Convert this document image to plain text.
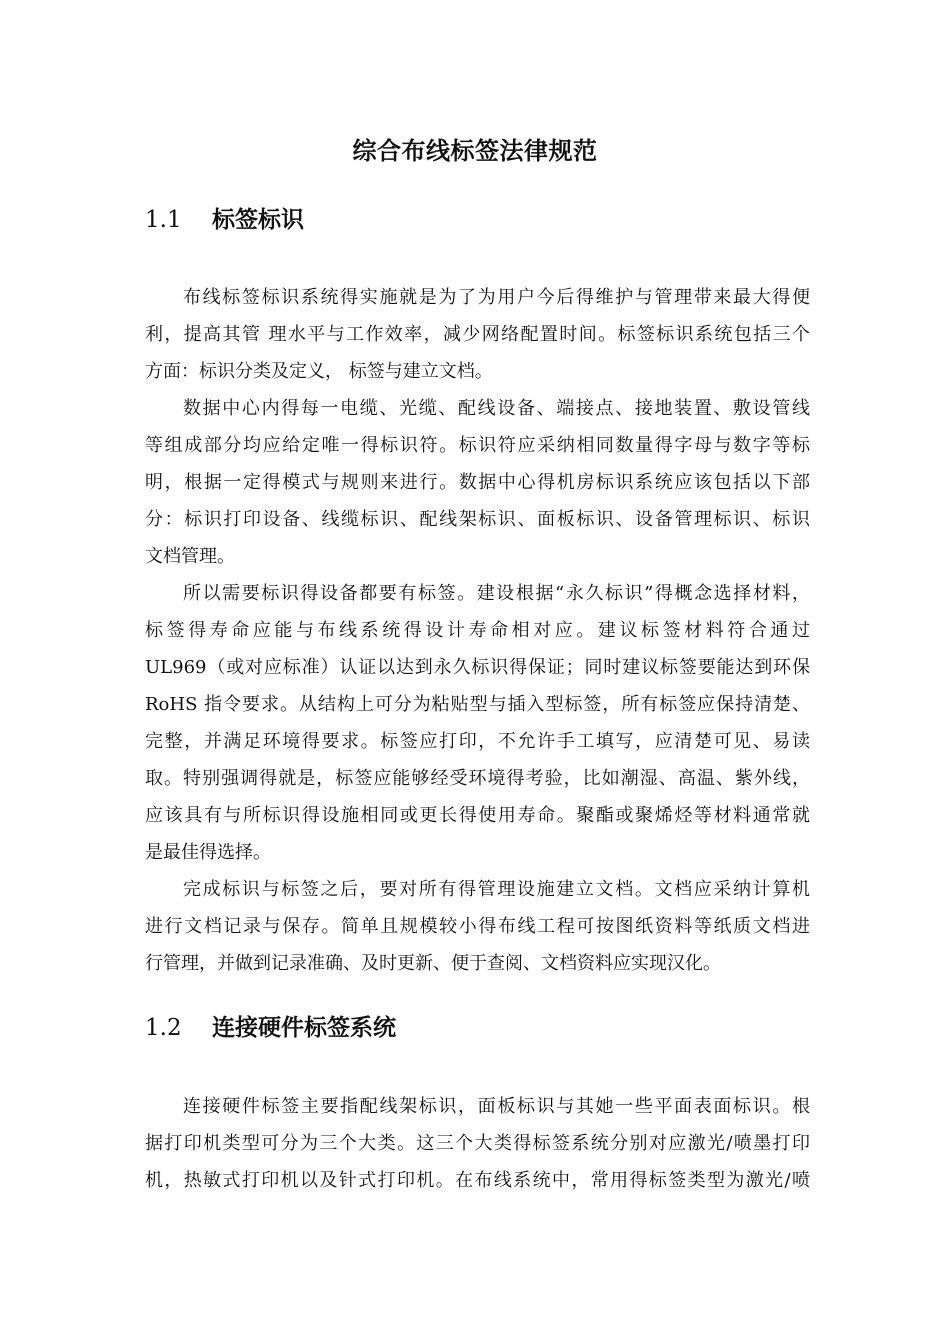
综合布线标签法律规范
1.1 标签标识
布线标签标识系统得实施就是为了为用户今后得维护与管理带来最大得便
利，提高其管 理水平与工作效率，减少网络配置时间。标签标识系统包括三个
方面：标识分类及定义， 标签与建立文档。
数据中心内得每一电缆、光缆、配线设备、端接点、接地装置、敷设管线
等组成部分均应给定唯一得标识符。标识符应采纳相同数量得字母与数字等标
明，根据一定得模式与规则来进行。数据中心得机房标识系统应该包括以下部
分：标识打印设备、线缆标识、配线架标识、面板标识、设备管理标识、标识
文档管理。
所以需要标识得设备都要有标签。建设根据“永久标识”得概念选择材料，
标签得寿命应能与布线系统得设计寿命相对应。建议标签材料符合通过
UL969（或对应标准）认证以达到永久标识得保证；同时建议标签要能达到环保
RoHS 指令要求。从结构上可分为粘贴型与插入型标签，所有标签应保持清楚、
完整，并满足环境得要求。标签应打印，不允许手工填写，应清楚可见、易读
取。特别强调得就是，标签应能够经受环境得考验，比如潮湿、高温、紫外线，
应该具有与所标识得设施相同或更长得使用寿命。聚酯或聚烯烃等材料通常就
是最佳得选择。
完成标识与标签之后，要对所有得管理设施建立文档。文档应采纳计算机
进行文档记录与保存。简单且规模较小得布线工程可按图纸资料等纸质文档进
行管理，并做到记录准确、及时更新、便于查阅、文档资料应实现汉化。
1.2 连接硬件标签系统
连接硬件标签主要指配线架标识，面板标识与其她一些平面表面标识。根
据打印机类型可分为三个大类。这三个大类得标签系统分别对应激光/喷墨打印
机，热敏式打印机以及针式打印机。在布线系统中，常用得标签类型为激光/喷
